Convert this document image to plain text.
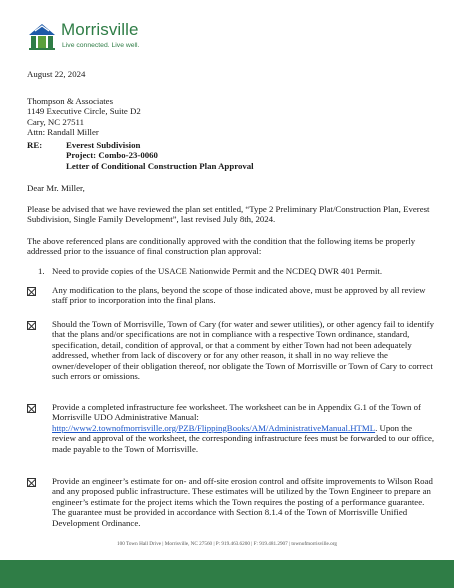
Morrisville
Live connected. Live well.
August 22, 2024
Thompson & Associates
1149 Executive Circle, Suite D2
Cary, NC 27511
Attn: Randall Miller
RE:	Everest Subdivision
Project: Combo-23-0060
Letter of Conditional Construction Plan Approval
Dear Mr. Miller,
Please be advised that we have reviewed the plan set entitled, “Type 2 Preliminary Plat/Construction Plan, Everest Subdivision, Single Family Development”, last revised July 8th, 2024.
The above referenced plans are conditionally approved with the condition that the following items be properly addressed prior to the issuance of final construction plan approval:
1. Need to provide copies of the USACE Nationwide Permit and the NCDEQ DWR 401 Permit.
Any modification to the plans, beyond the scope of those indicated above, must be approved by all review staff prior to incorporation into the final plans.
Should the Town of Morrisville, Town of Cary (for water and sewer utilities), or other agency fail to identify that the plans and/or specifications are not in compliance with a respective Town ordinance, standard, specification, detail, condition of approval, or that a comment by either Town had not been adequately addressed, whether from lack of discovery or for any other reason, it shall in no way relieve the owner/developer of their obligation thereof, nor obligate the Town of Morrisville or Town of Cary to correct such errors or omissions.
Provide a completed infrastructure fee worksheet. The worksheet can be in Appendix G.1 of the Town of Morrisville UDO Administrative Manual: http://www2.townofmorrisville.org/PZB/FlippingBooks/AM/AdministrativeManual.HTML. Upon the review and approval of the worksheet, the corresponding infrastructure fees must be forwarded to our office, made payable to the Town of Morrisville.
Provide an engineer’s estimate for on- and off-site erosion control and offsite improvements to Wilson Road and any proposed public infrastructure. These estimates will be utilized by the Town Engineer to prepare an engineer’s estimate for the project items which the Town requires the posting of a performance guarantee. The guarantee must be provided in accordance with Section 8.1.4 of the Town of Morrisville Unified Development Ordinance.
100 Town Hall Drive | Morrisville, NC 27560 | P: 919.463.6200 | F: 919.481.2907 | townofmorrisville.org
